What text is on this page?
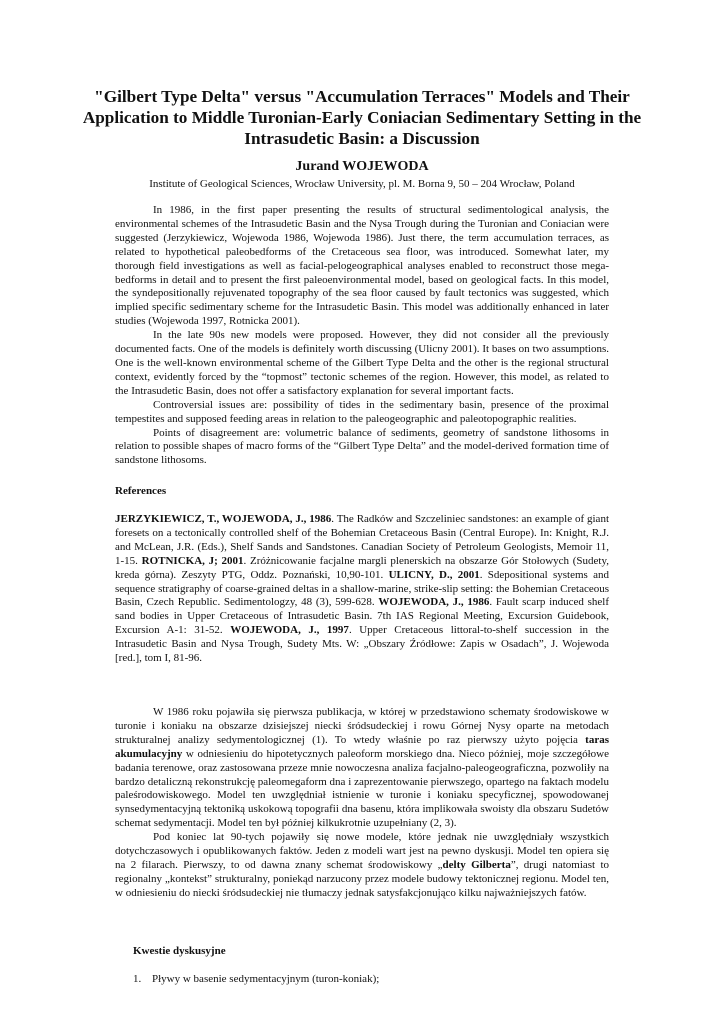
"Gilbert Type Delta" versus "Accumulation Terraces" Models and Their Application to Middle Turonian-Early Coniacian Sedimentary Setting in the Intrasudetic Basin: a Discussion
Jurand WOJEWODA
Institute of Geological Sciences, Wrocław University, pl. M. Borna 9, 50 – 204 Wrocław, Poland

In 1986, in the first paper presenting the results of structural sedimentological analysis, the environmental schemes of the Intrasudetic Basin and the Nysa Trough during the Turonian and Coniacian were suggested (Jerzykiewicz, Wojewoda 1986, Wojewoda 1986). Just there, the term accumulation terraces, as related to hypothetical paleobedforms of the Cretaceous sea floor, was introduced. Somewhat later, my thorough field investigations as well as facial-pelogeographical analyses enabled to reconstruct those mega-bedforms in detail and to present the first paleoenvironmental model, based on geological facts. In this model, the syndepositionally rejuvenated topography of the sea floor caused by fault tectonics was suggested, which implied specific sedimentary scheme for the Intrasudetic Basin. This model was additionally enhanced in later studies (Wojewoda 1997, Rotnicka 2001).

In the late 90s new models were proposed. However, they did not consider all the previously documented facts. One of the models is definitely worth discussing (Ulicny 2001). It bases on two assumptions. One is the well-known environmental scheme of the Gilbert Type Delta and the other is the regional structural context, evidently forced by the “topmost” tectonic schemes of the region. However, this model, as related to the Intrasudetic Basin, does not offer a satisfactory explanation for several important facts.

Controversial issues are: possibility of tides in the sedimentary basin, presence of the proximal tempestites and supposed feeding areas in relation to the paleogeographic and paleotopographic realities.

Points of disagreement are: volumetric balance of sediments, geometry of sandstone lithosoms in relation to possible shapes of macro forms of the “Gilbert Type Delta” and the model-derived formation time of sandstone lithosoms.

References

JERZYKIEWICZ, T., WOJEWODA, J., 1986. The Radków and Szczeliniec sandstones: an example of giant foresets on a tectonically controlled shelf of the Bohemian Cretaceous Basin (Central Europe). In: Knight, R.J. and McLean, J.R. (Eds.), Shelf Sands and Sandstones. Canadian Society of Petroleum Geologists, Memoir 11, 1-15. ROTNICKA, J; 2001. Zróżnicowanie facjalne margli plenerskich na obszarze Gór Stołowych (Sudety, kreda górna). Zeszyty PTG, Oddz. Poznański, 10,90-101. ULICNY, D., 2001. Sdepositional systems and sequence stratigraphy of coarse-grained deltas in a shallow-marine, strike-slip setting: the Bohemian Cretaceous Basin, Czech Republic. Sedimentologzy, 48 (3), 599-628. WOJEWODA, J., 1986. Fault scarp induced shelf sand bodies in Upper Cretaceous of Intrasudetic Basin. 7th IAS Regional Meeting, Excursion Guidebook, Excursion A-1: 31-52. WOJEWODA, J., 1997. Upper Cretaceous littoral-to-shelf succession in the Intrasudetic Basin and Nysa Trough, Sudety Mts. W: „Obszary Źródłowe: Zapis w Osadach”, J. Wojewoda [red.], tom I, 81-96.

W 1986 roku pojawiła się pierwsza publikacja, w której w przedstawiono schematy środowiskowe w turonie i koniaku na obszarze dzisiejszej niecki śródsudeckiej i rowu Górnej Nysy oparte na metodach strukturalnej analizy sedymentologicznej (1). To wtedy właśnie po raz pierwszy użyto pojęcia taras akumulacyjny w odniesieniu do hipotetycznych paleoform morskiego dna. Nieco później, moje szczegółowe badania terenowe, oraz zastosowana przeze mnie nowoczesna analiza facjalno-paleogeograficzna, pozwoliły na bardzo detaliczną rekonstrukcję paleomegaform dna i zaprezentowanie pierwszego, opartego na faktach modelu paleśrodowiskowego. Model ten uwzględniał istnienie w turonie i koniaku specyficznej, spowodowanej synsedymentacyjną tektoniką uskokową topografii dna basenu, która implikowała swoisty dla obszaru Sudetów schemat sedymentacji. Model ten był później kilkukrotnie uzupełniany (2, 3).

Pod koniec lat 90-tych pojawiły się nowe modele, które jednak nie uwzględniały wszystkich dotychczasowych i opublikowanych faktów. Jeden z modeli wart jest na pewno dyskusji. Model ten opiera się na 2 filarach. Pierwszy, to od dawna znany schemat środowiskowy „delty Gilberta”, drugi natomiast to regionalny „kontekst” strukturalny, poniekąd narzucony przez modele budowy tektonicznej regionu. Model ten, w odniesieniu do niecki śródsudeckiej nie tłumaczy jednak satysfakcjonująco kilku najważniejszych fatów.

Kwestie dyskusyjne

1. Pływy w basenie sedymentacyjnym (turon-koniak);
